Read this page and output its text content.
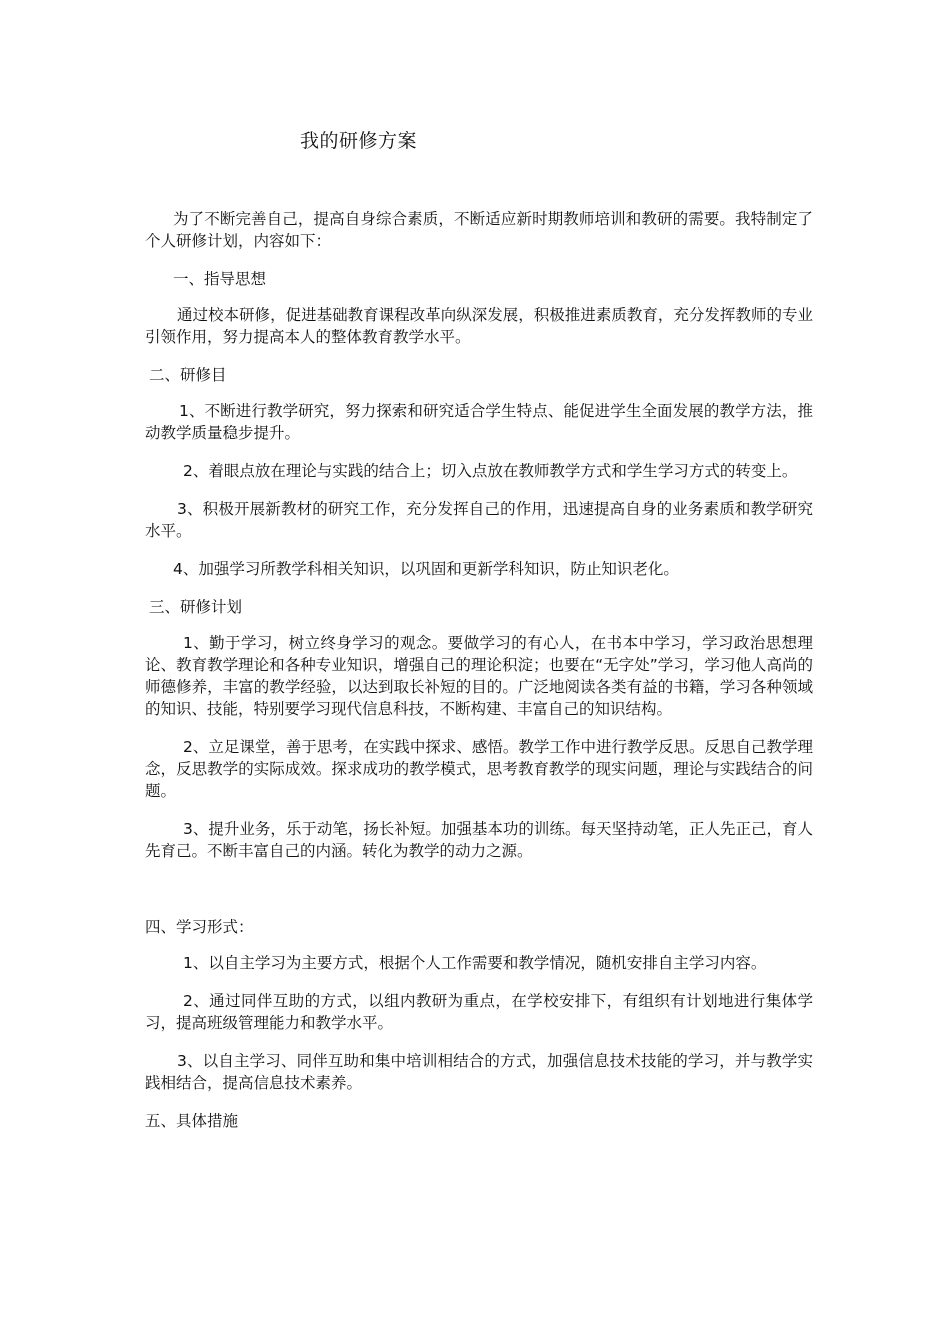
我的研修方案

为了不断完善自己，提高自身综合素质，不断适应新时期教师培训和教研的需要。我特制定了个人研修计划，内容如下：

一、指导思想

通过校本研修，促进基础教育课程改革向纵深发展，积极推进素质教育，充分发挥教师的专业引领作用，努力提高本人的整体教育教学水平。

二、研修目

1、不断进行教学研究，努力探索和研究适合学生特点、能促进学生全面发展的教学方法，推动教学质量稳步提升。

2、着眼点放在理论与实践的结合上；切入点放在教师教学方式和学生学习方式的转变上。

3、积极开展新教材的研究工作，充分发挥自己的作用，迅速提高自身的业务素质和教学研究水平。

4、加强学习所教学科相关知识，以巩固和更新学科知识，防止知识老化。

三、研修计划

1、勤于学习，树立终身学习的观念。要做学习的有心人，在书本中学习，学习政治思想理论、教育教学理论和各种专业知识，增强自己的理论积淀；也要在“无字处”学习，学习他人高尚的师德修养，丰富的教学经验，以达到取长补短的目的。广泛地阅读各类有益的书籍，学习各种领域的知识、技能，特别要学习现代信息科技，不断构建、丰富自己的知识结构。

2、立足课堂，善于思考，在实践中探求、感悟。教学工作中进行教学反思。反思自己教学理念，反思教学的实际成效。探求成功的教学模式，思考教育教学的现实问题，理论与实践结合的问题。

3、提升业务，乐于动笔，扬长补短。加强基本功的训练。每天坚持动笔，正人先正己，育人先育己。不断丰富自己的内涵。转化为教学的动力之源。

四、学习形式：

1、以自主学习为主要方式，根据个人工作需要和教学情况，随机安排自主学习内容。

2、通过同伴互助的方式，以组内教研为重点，在学校安排下，有组织有计划地进行集体学习，提高班级管理能力和教学水平。

3、以自主学习、同伴互助和集中培训相结合的方式，加强信息技术技能的学习，并与教学实践相结合，提高信息技术素养。

五、具体措施
